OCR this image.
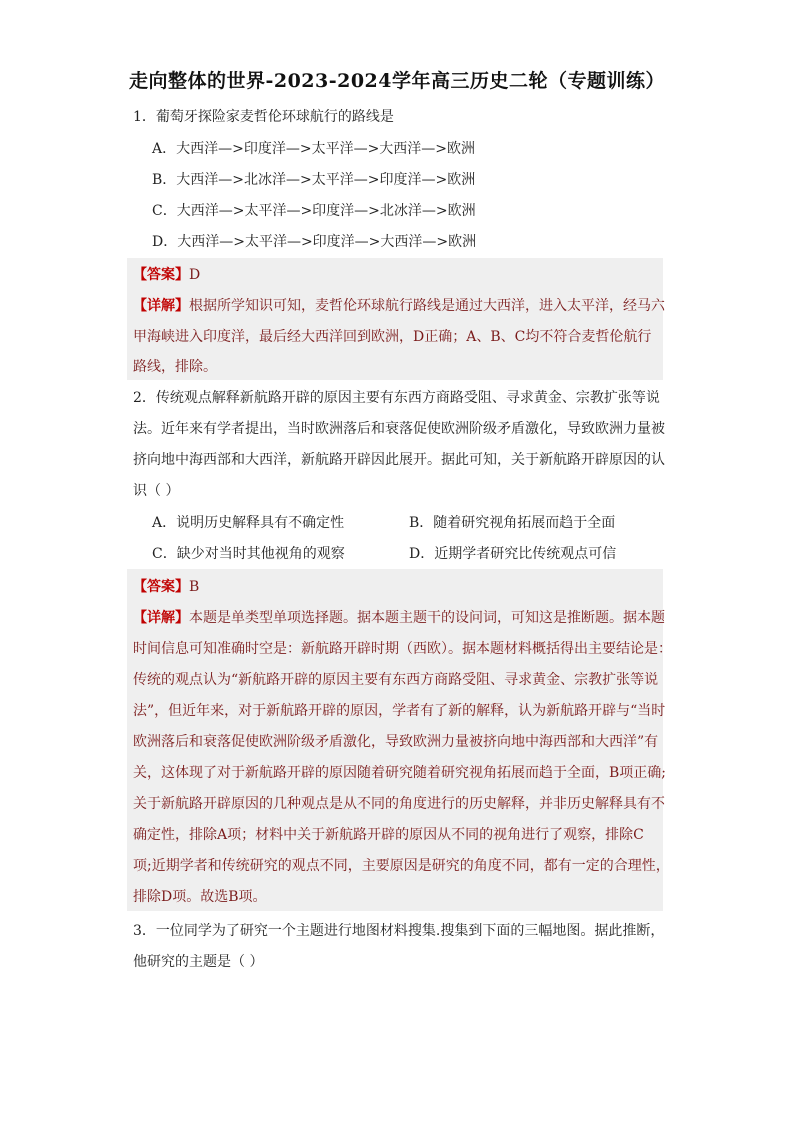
走向整体的世界-2023-2024学年高三历史二轮（专题训练）
1．葡萄牙探险家麦哲伦环球航行的路线是
A．大西洋—>印度洋—>太平洋—>大西洋—>欧洲
B．大西洋—>北冰洋—>太平洋—>印度洋—>欧洲
C．大西洋—>太平洋—>印度洋—>北冰洋—>欧洲
D．大西洋—>太平洋—>印度洋—>大西洋—>欧洲
【答案】D
【详解】根据所学知识可知，麦哲伦环球航行路线是通过大西洋，进入太平洋，经马六
甲海峡进入印度洋，最后经大西洋回到欧洲，D正确；A、B、C均不符合麦哲伦航行
路线，排除。
2．传统观点解释新航路开辟的原因主要有东西方商路受阻、寻求黄金、宗教扩张等说
法。近年来有学者提出，当时欧洲落后和衰落促使欧洲阶级矛盾激化，导致欧洲力量被
挤向地中海西部和大西洋，新航路开辟因此展开。据此可知，关于新航路开辟原因的认
识（ ）
A．说明历史解释具有不确定性	B．随着研究视角拓展而趋于全面
C．缺少对当时其他视角的观察	D．近期学者研究比传统观点可信
【答案】B
【详解】本题是单类型单项选择题。据本题主题干的设问词，可知这是推断题。据本题
时间信息可知准确时空是：新航路开辟时期（西欧）。据本题材料概括得出主要结论是：
传统的观点认为“新航路开辟的原因主要有东西方商路受阻、寻求黄金、宗教扩张等说
法”，但近年来，对于新航路开辟的原因，学者有了新的解释，认为新航路开辟与“当时
欧洲落后和衰落促使欧洲阶级矛盾激化，导致欧洲力量被挤向地中海西部和大西洋”有
关，这体现了对于新航路开辟的原因随着研究随着研究视角拓展而趋于全面，B项正确;
关于新航路开辟原因的几种观点是从不同的角度进行的历史解释，并非历史解释具有不
确定性，排除A项；材料中关于新航路开辟的原因从不同的视角进行了观察，排除C
项;近期学者和传统研究的观点不同，主要原因是研究的角度不同，都有一定的合理性，
排除D项。故选B项。
3．一位同学为了研究一个主题进行地图材料搜集.搜集到下面的三幅地图。据此推断，
他研究的主题是（ ）
